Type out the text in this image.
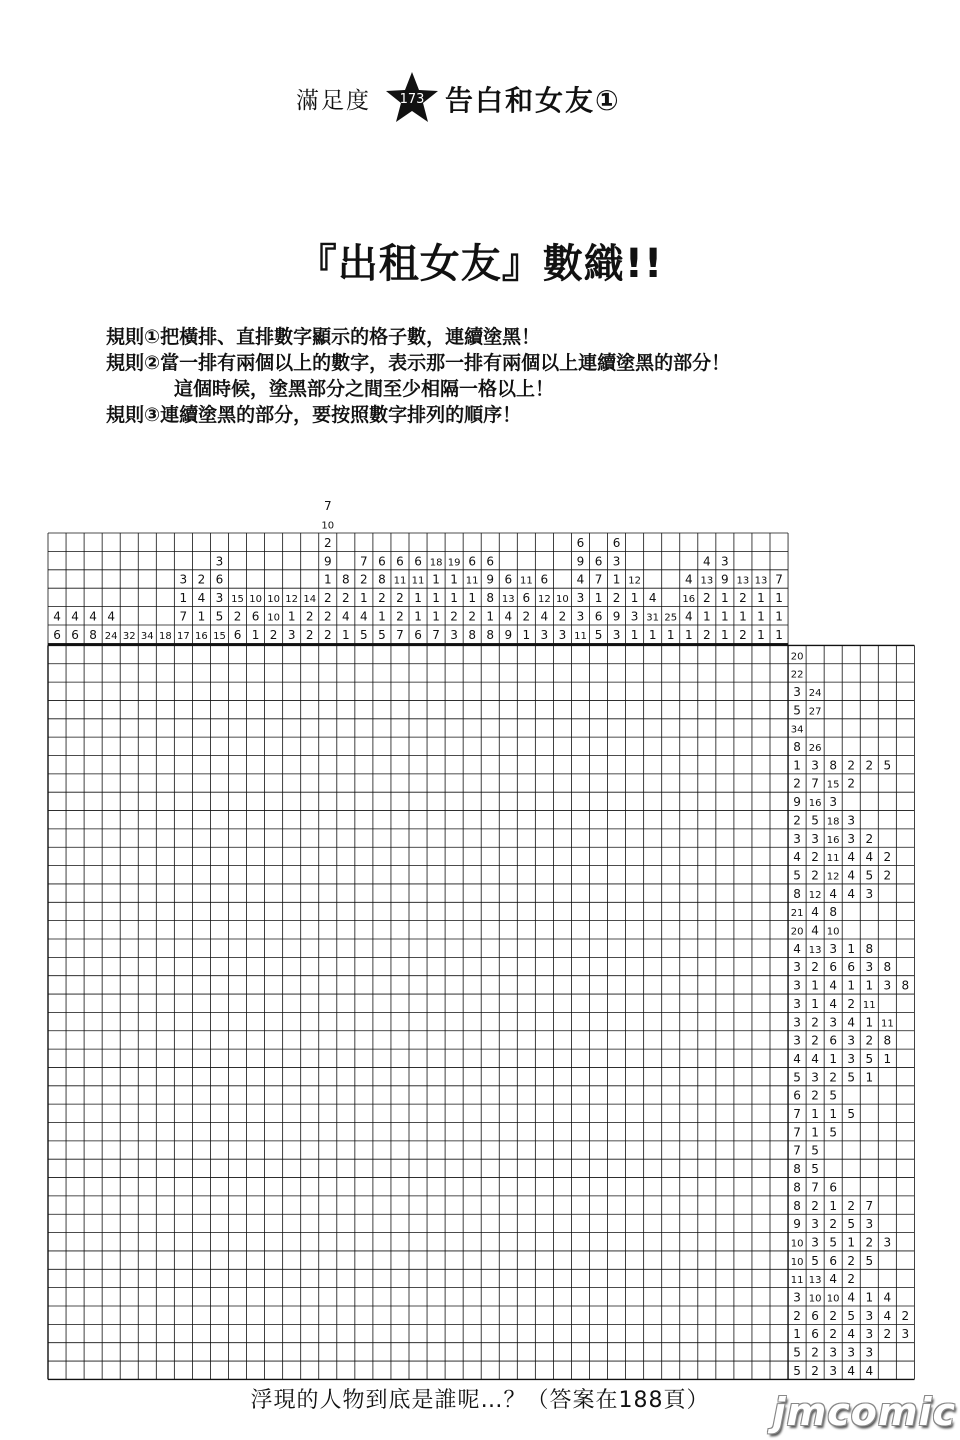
滿足度 173 告白和女友①
『出租女友』數織!!
規則①把橫排、直排數字顯示的格子數，連續塗黑！
規則②當一排有兩個以上的數字，表示那一排有兩個以上連續塗黑的部分！
這個時候，塗黑部分之間至少相隔一格以上！
規則③連續塗黑的部分，要按照數字排列的順序！
4
6
4
6
4
8
4
24 32 34 18
3
1
7
17
2
4
1
16
3
6
3
5
15
15
2
6
10
6
1
10
10
2
12
1
3
14
2
2
7
10
2
9
1
2
2
2
8
2
4
1
7
2
1
4
5
6
8
2
1
5
6
11
2
2
7
6
11
1
1
6
18
1
1
1
7
19
1
1
2
3
6
11
1
2
8
6
9
8
1
8
6
13
4
9
11
6
2
1
6
12
4
3
10
2
3
6
9
4
3
3
11
6
7
1
6
5
6
3
1
2
9
3
12
1
3
1
4
31
1
25
1
4
16
4
1
4
13
2
1
2
3
9
1
1
1
13
2
1
2
13
1
1
1
7
1
1
1
20
22
3 24
5 27
34
8 26
1 3 8 2 2 5
2 7 15 2
9 16 3
2 5 18 3
3 3 16 3 2
4 2 11 4 4 2
5 2 12 4 5 2
8 12 4 4 3
21 4 8
20 4 10
4 13 3 1 8
3 2 6 6 3 8
3 1 4 1 1 3 8
3 1 4 2 11
3 2 3 4 1 11
3 2 6 3 2 8
4 4 1 3 5 1
5 3 2 5 1
6 2 5
7 1 1 5
7 1 5
7 5
8 5
8 7 6
8 2 1 2 7
9 3 2 5 3
10 3 5 1 2 3
10 5 6 2 5
11 13 4 2
3 10 10 4 1 4
2 6 2 5 3 4 2
1 6 2 4 3 2 3
5 2 3 3 3
5 2 3 4 4
浮現的人物到底是誰呢…？（答案在188頁）	jmcomic
